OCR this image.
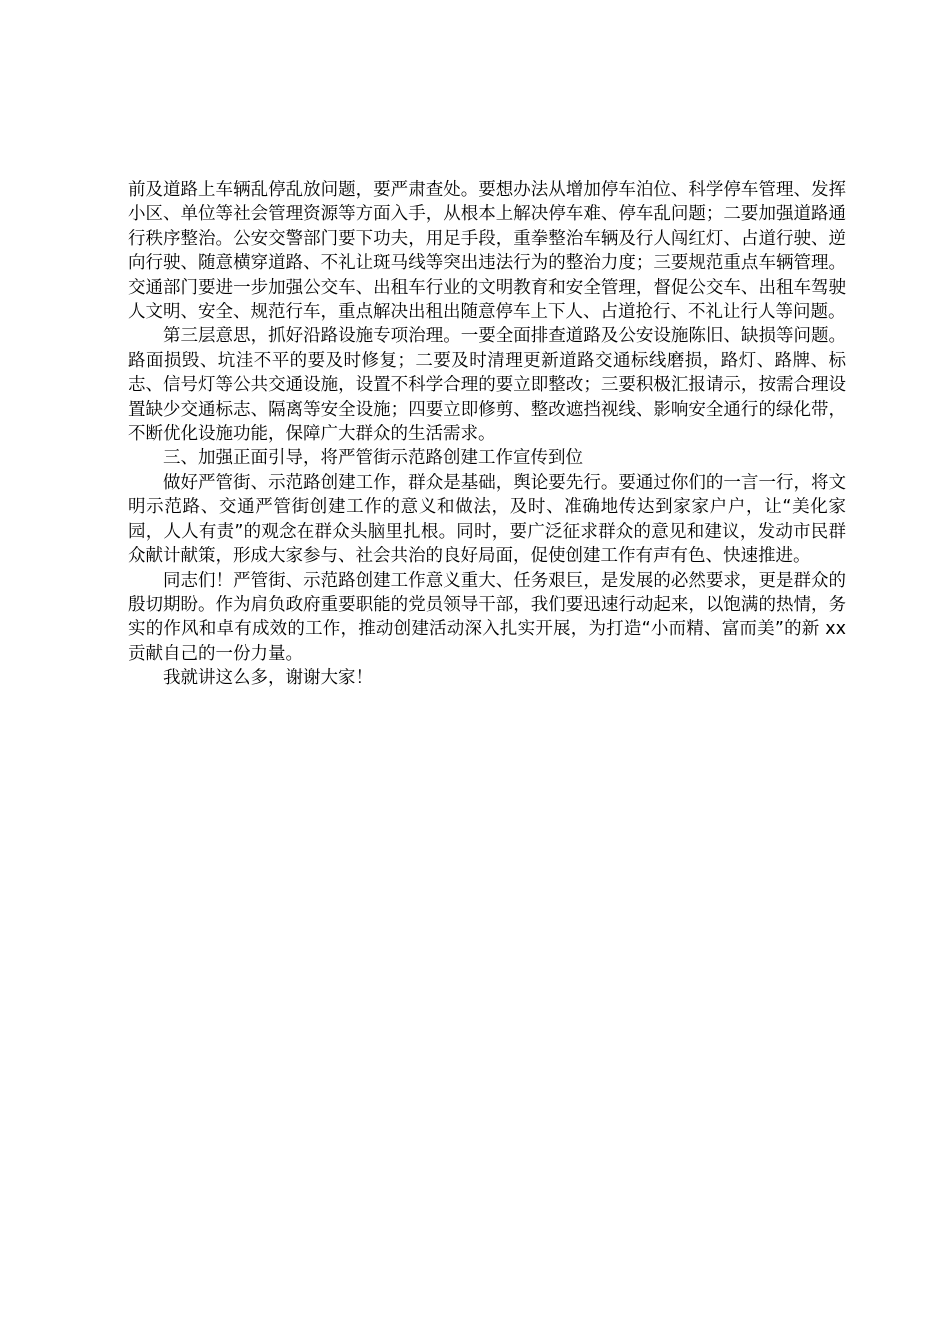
前及道路上车辆乱停乱放问题，要严肃查处。要想办法从增加停车泊位、科学停车管理、发挥小区、单位等社会管理资源等方面入手，从根本上解决停车难、停车乱问题；二要加强道路通行秩序整治。公安交警部门要下功夫，用足手段，重拳整治车辆及行人闯红灯、占道行驶、逆向行驶、随意横穿道路、不礼让斑马线等突出违法行为的整治力度；三要规范重点车辆管理。交通部门要进一步加强公交车、出租车行业的文明教育和安全管理，督促公交车、出租车驾驶人文明、安全、规范行车，重点解决出租出随意停车上下人、占道抢行、不礼让行人等问题。

第三层意思，抓好沿路设施专项治理。一要全面排查道路及公安设施陈旧、缺损等问题。路面损毁、坑洼不平的要及时修复；二要及时清理更新道路交通标线磨损，路灯、路牌、标志、信号灯等公共交通设施，设置不科学合理的要立即整改；三要积极汇报请示，按需合理设置缺少交通标志、隔离等安全设施；四要立即修剪、整改遮挡视线、影响安全通行的绿化带，不断优化设施功能，保障广大群众的生活需求。

三、加强正面引导，将严管街示范路创建工作宣传到位

做好严管街、示范路创建工作，群众是基础，舆论要先行。要通过你们的一言一行，将文明示范路、交通严管街创建工作的意义和做法，及时、准确地传达到家家户户，让“美化家园，人人有责”的观念在群众头脑里扎根。同时，要广泛征求群众的意见和建议，发动市民群众献计献策，形成大家参与、社会共治的良好局面，促使创建工作有声有色、快速推进。

同志们！严管街、示范路创建工作意义重大、任务艰巨，是发展的必然要求，更是群众的殷切期盼。作为肩负政府重要职能的党员领导干部，我们要迅速行动起来，以饱满的热情，务实的作风和卓有成效的工作，推动创建活动深入扎实开展，为打造“小而精、富而美”的新 xx 贡献自己的一份力量。

我就讲这么多，谢谢大家！
